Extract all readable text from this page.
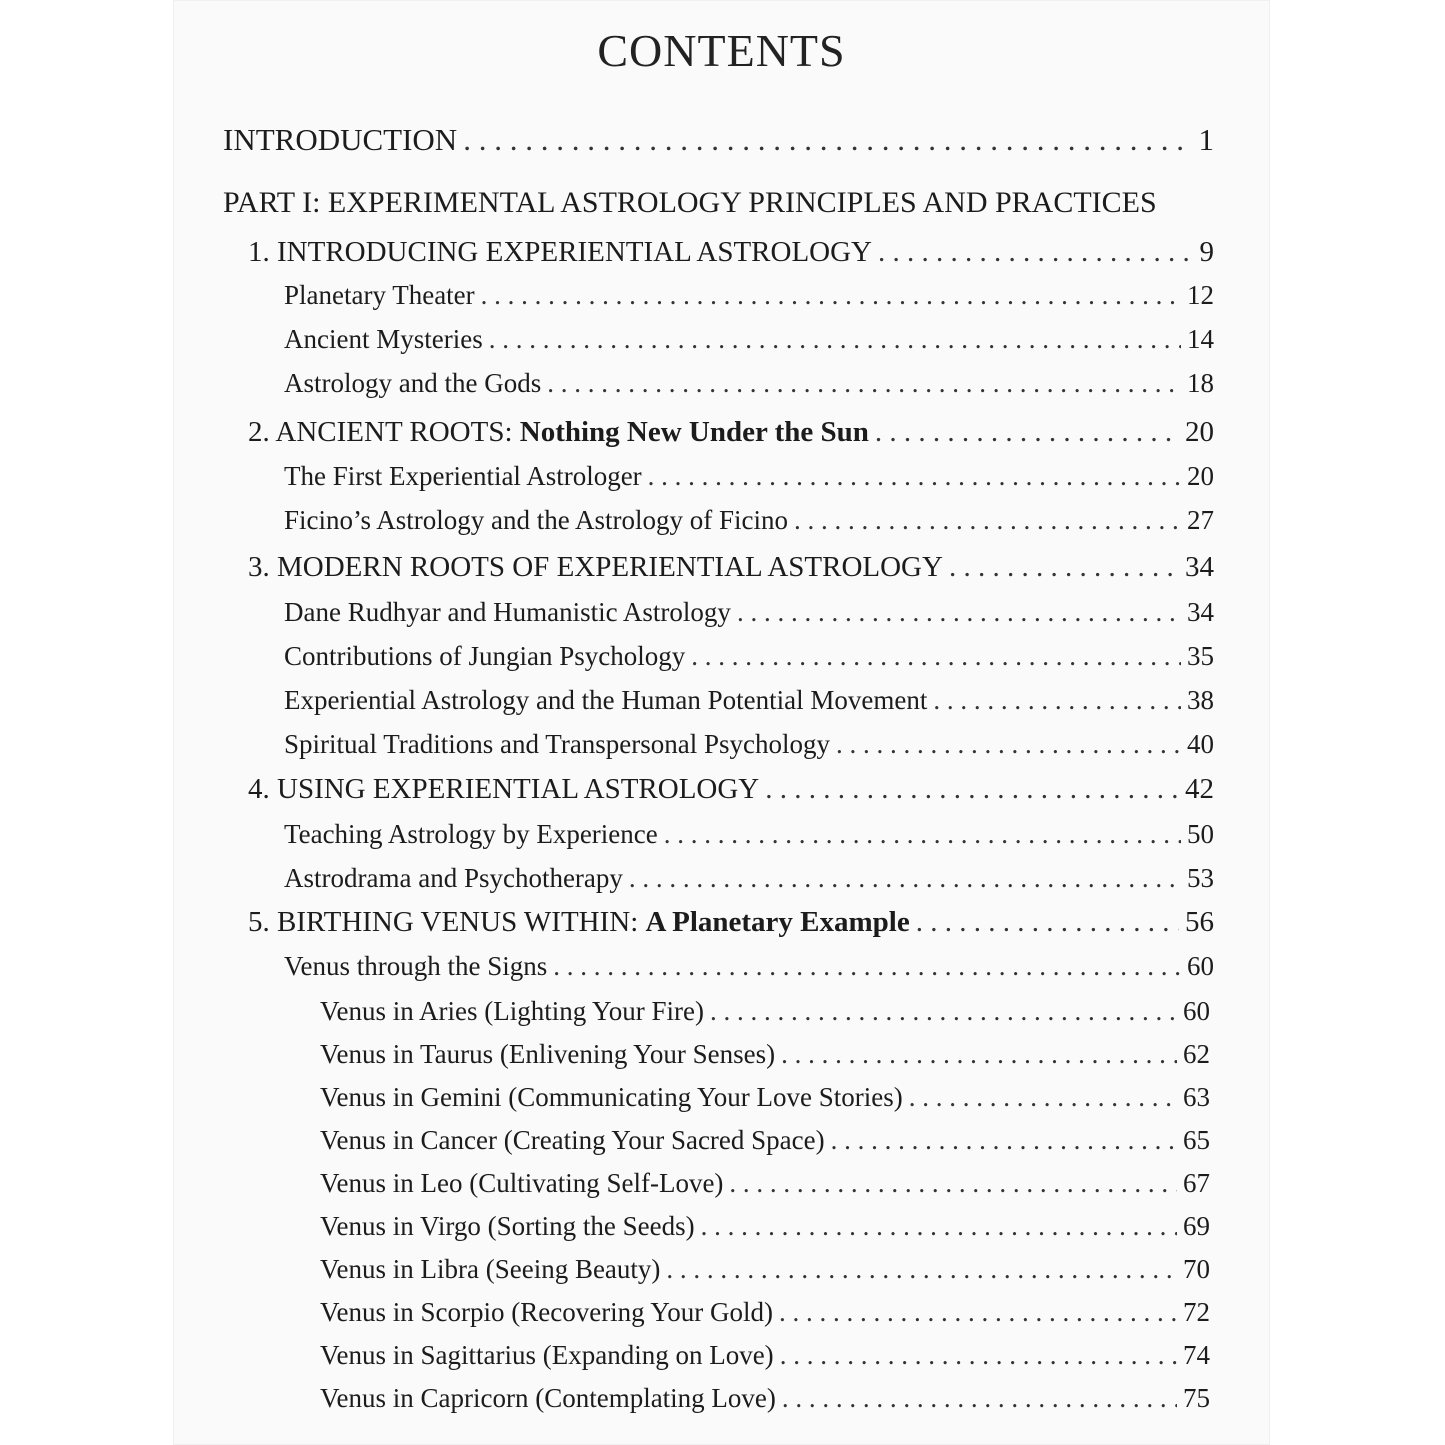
CONTENTS
INTRODUCTION . . .	1
PART I: EXPERIMENTAL ASTROLOGY PRINCIPLES AND PRACTICES
1. INTRODUCING EXPERIENTIAL ASTROLOGY . . .	9
Planetary Theater . . .	12
Ancient Mysteries . . .	14
Astrology and the Gods . . .	18
2. ANCIENT ROOTS: Nothing New Under the Sun . . .	20
The First Experiential Astrologer . . .	20
Ficino’s Astrology and the Astrology of Ficino . . .	27
3. MODERN ROOTS OF EXPERIENTIAL ASTROLOGY . . .	34
Dane Rudhyar and Humanistic Astrology . . .	34
Contributions of Jungian Psychology . . .	35
Experiential Astrology and the Human Potential Movement . . .	38
Spiritual Traditions and Transpersonal Psychology . . .	40
4. USING EXPERIENTIAL ASTROLOGY . . .	42
Teaching Astrology by Experience . . .	50
Astrodrama and Psychotherapy . . .	53
5. BIRTHING VENUS WITHIN: A Planetary Example . . .	56
Venus through the Signs . . .	60
Venus in Aries (Lighting Your Fire) . . .	60
Venus in Taurus (Enlivening Your Senses) . . .	62
Venus in Gemini (Communicating Your Love Stories) . . .	63
Venus in Cancer (Creating Your Sacred Space) . . .	65
Venus in Leo (Cultivating Self-Love) . . .	67
Venus in Virgo (Sorting the Seeds) . . .	69
Venus in Libra (Seeing Beauty) . . .	70
Venus in Scorpio (Recovering Your Gold) . . .	72
Venus in Sagittarius (Expanding on Love) . . .	74
Venus in Capricorn (Contemplating Love) . . .	75
